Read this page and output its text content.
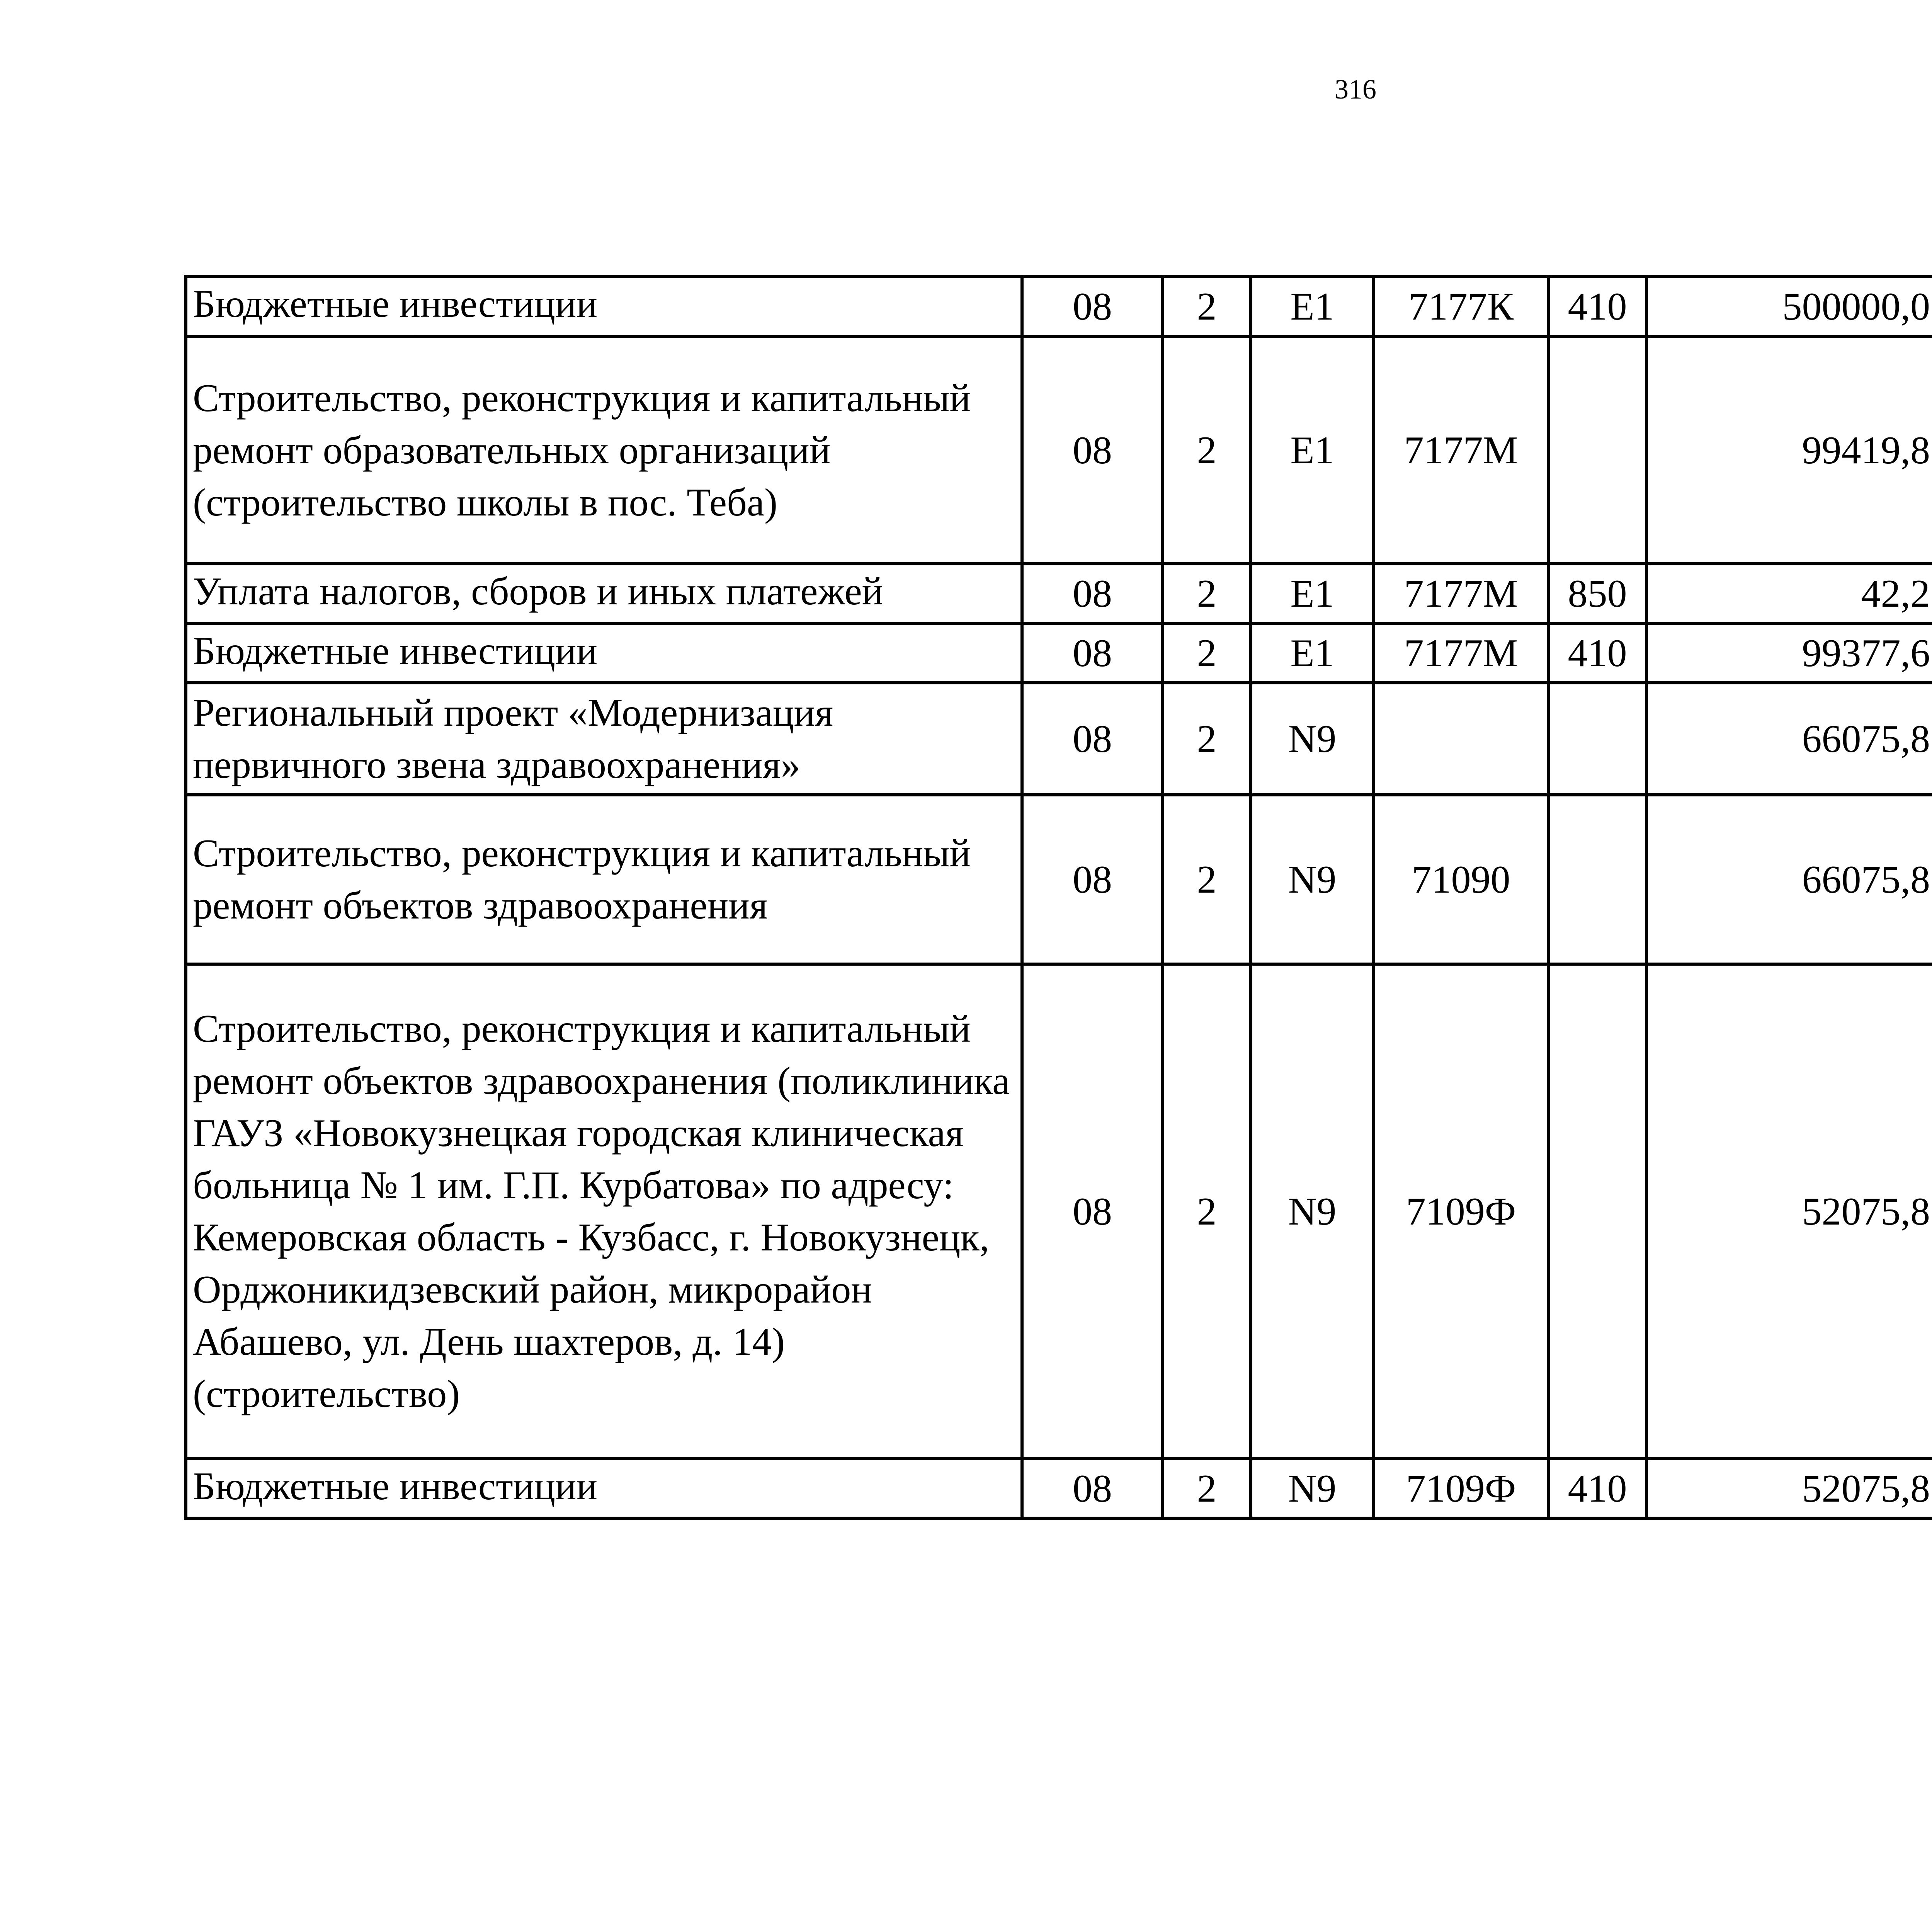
316
Бюджетные инвестиции	08	2	E1	7177К	410	500000,0		
Строительство, реконструкция и капитальный ремонт образовательных организаций (строительство школы в пос. Теба)	08	2	E1	7177М		99419,8		
Уплата налогов, сборов и иных платежей	08	2	E1	7177М	850	42,2		
Бюджетные инвестиции	08	2	E1	7177М	410	99377,6		
Региональный проект «Модернизация первичного звена здравоохранения»	08	2	N9			66075,8		
Строительство, реконструкция и капитальный ремонт объектов здравоохранения	08	2	N9	71090		66075,8		
Строительство, реконструкция и капитальный ремонт объектов здравоохранения (поликлиника ГАУЗ «Новокузнецкая городская клиническая больница № 1 им. Г.П. Курбатова» по адресу: Кемеровская область - Кузбасс, г. Новокузнецк, Орджоникидзевский район, микрорайон Абашево, ул. День шахтеров, д. 14) (строительство)	08	2	N9	7109Ф		52075,8		
Бюджетные инвестиции	08	2	N9	7109Ф	410	52075,8		
